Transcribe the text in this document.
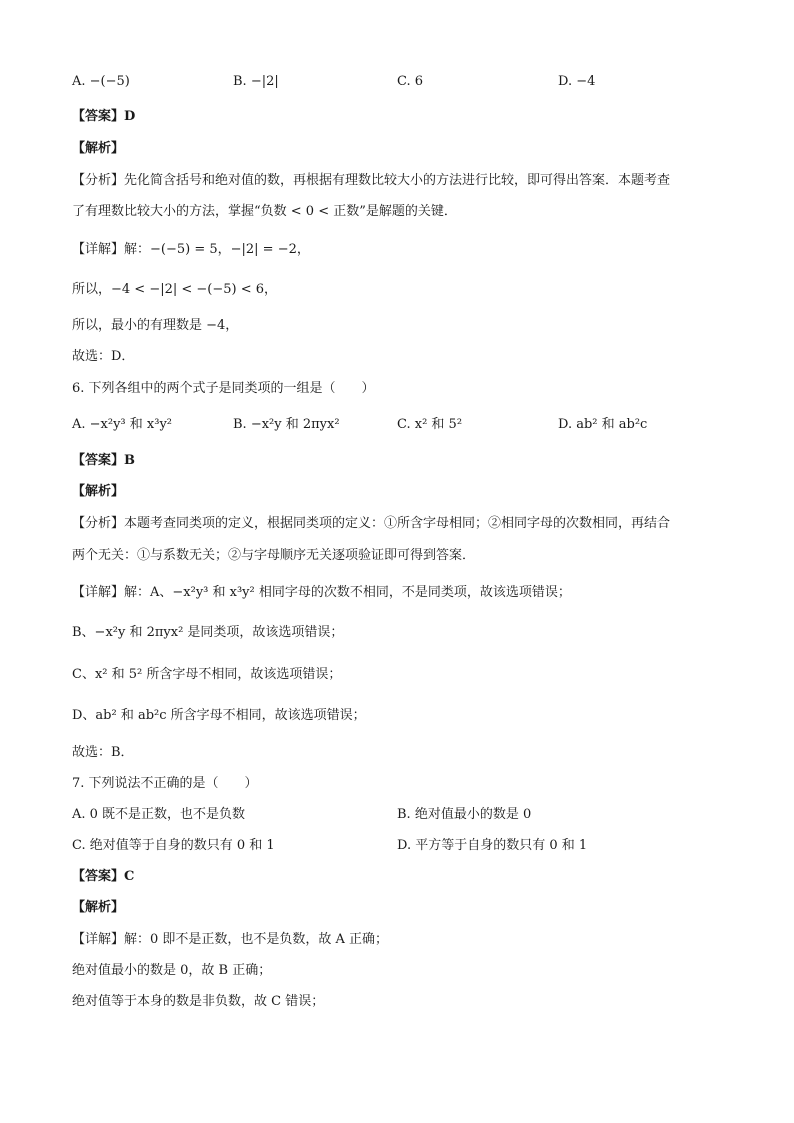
A. −(−5)	B. −|2|	C. 6	D. −4
【答案】D
【解析】
【分析】先化简含括号和绝对值的数，再根据有理数比较大小的方法进行比较，即可得出答案．本题考查
了有理数比较大小的方法，掌握“负数 < 0 < 正数”是解题的关键．
【详解】解：−(−5) = 5，−|2| = −2，
所以，−4 < −|2| < −(−5) < 6，
所以，最小的有理数是 −4，
故选：D．
6. 下列各组中的两个式子是同类项的一组是（　　）
A. −x²y³ 和 x³y²	B. −x²y 和 2πyx²	C. x² 和 5²	D. ab² 和 ab²c
【答案】B
【解析】
【分析】本题考查同类项的定义，根据同类项的定义：①所含字母相同；②相同字母的次数相同，再结合
两个无关：①与系数无关；②与字母顺序无关逐项验证即可得到答案．
【详解】解：A、−x²y³ 和 x³y² 相同字母的次数不相同，不是同类项，故该选项错误；
B、−x²y 和 2πyx² 是同类项，故该选项错误；
C、x² 和 5² 所含字母不相同，故该选项错误；
D、ab² 和 ab²c 所含字母不相同，故该选项错误；
故选：B．
7. 下列说法不正确的是（　　）
A. 0 既不是正数，也不是负数	B. 绝对值最小的数是 0
C. 绝对值等于自身的数只有 0 和 1	D. 平方等于自身的数只有 0 和 1
【答案】C
【解析】
【详解】解：0 即不是正数，也不是负数，故 A 正确；
绝对值最小的数是 0，故 B 正确；
绝对值等于本身的数是非负数，故 C 错误；
